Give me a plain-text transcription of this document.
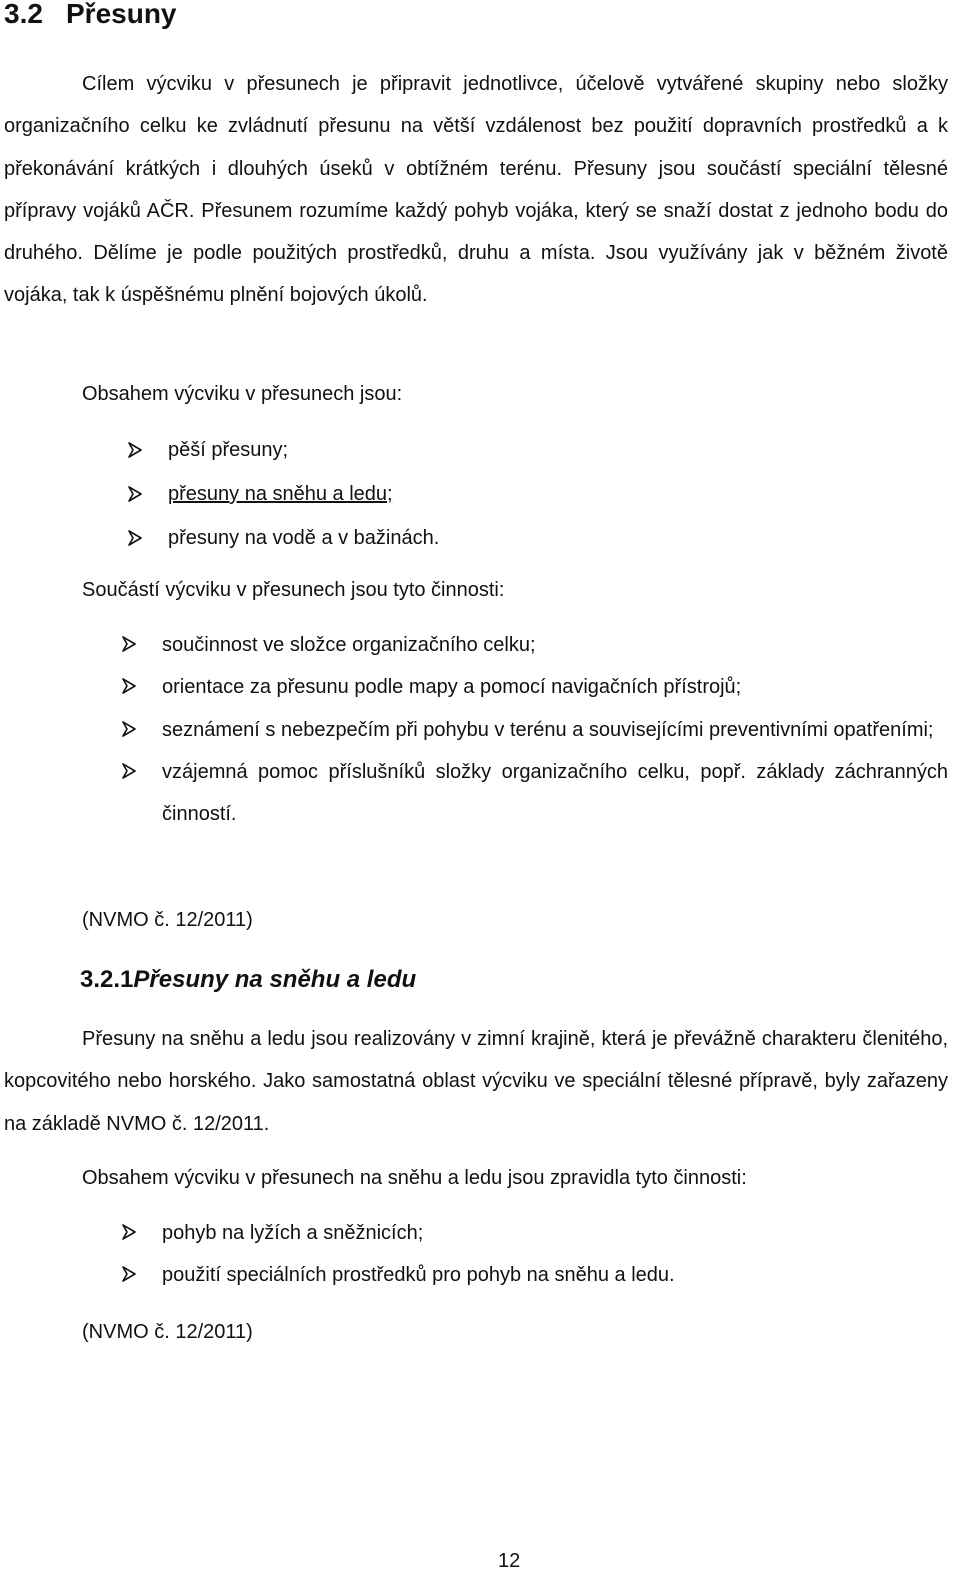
3.2 Přesuny

Cílem výcviku v přesunech je připravit jednotlivce, účelově vytvářené skupiny nebo složky organizačního celku ke zvládnutí přesunu na větší vzdálenost bez použití dopravních prostředků a k překonávání krátkých i dlouhých úseků v obtížném terénu. Přesuny jsou součástí speciální tělesné přípravy vojáků AČR. Přesunem rozumíme každý pohyb vojáka, který se snaží dostat z jednoho bodu do druhého. Dělíme je podle použitých prostředků, druhu a místa. Jsou využívány jak v běžném životě vojáka, tak k úspěšnému plnění bojových úkolů.

Obsahem výcviku v přesunech jsou:

pěší přesuny;
přesuny na sněhu a ledu;
přesuny na vodě a v bažinách.

Součástí výcviku v přesunech jsou tyto činnosti:

součinnost ve složce organizačního celku;
orientace za přesunu podle mapy a pomocí navigačních přístrojů;
seznámení s nebezpečím při pohybu v terénu a souvisejícími preventivními opatřeními;
vzájemná pomoc příslušníků složky organizačního celku, popř. základy záchranných činností.

(NVMO č. 12/2011)

3.2.1Přesuny na sněhu a ledu

Přesuny na sněhu a ledu jsou realizovány v zimní krajině, která je převážně charakteru členitého, kopcovitého nebo horského. Jako samostatná oblast výcviku ve speciální tělesné přípravě, byly zařazeny na základě NVMO č. 12/2011.

Obsahem výcviku v přesunech na sněhu a ledu jsou zpravidla tyto činnosti:

pohyb na lyžích a sněžnicích;
použití speciálních prostředků pro pohyb na sněhu a ledu.

(NVMO č. 12/2011)

12
